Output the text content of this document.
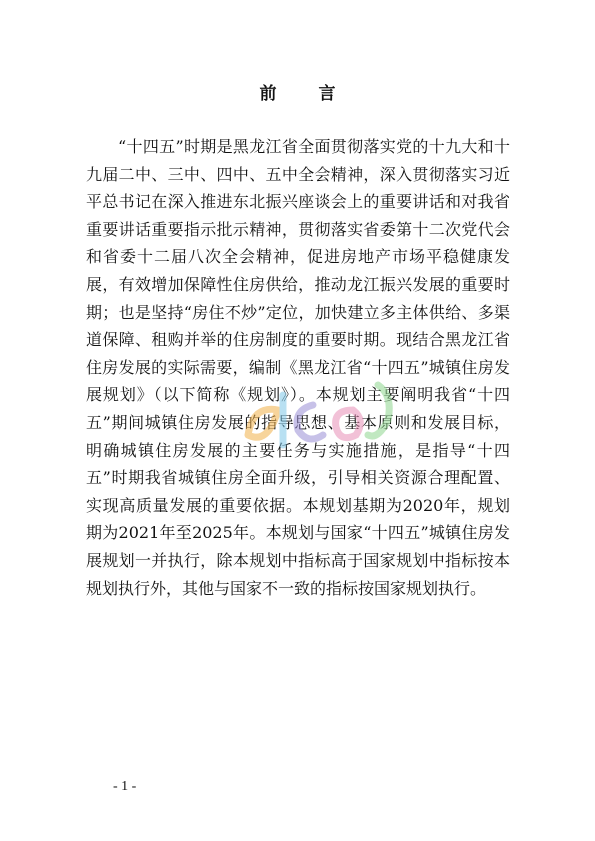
前 言

“十四五”时期是黑龙江省全面贯彻落实党的十九大和十九届二中、三中、四中、五中全会精神，深入贯彻落实习近平总书记在深入推进东北振兴座谈会上的重要讲话和对我省重要讲话重要指示批示精神，贯彻落实省委第十二次党代会和省委十二届八次全会精神，促进房地产市场平稳健康发展，有效增加保障性住房供给，推动龙江振兴发展的重要时期；也是坚持“房住不炒”定位，加快建立多主体供给、多渠道保障、租购并举的住房制度的重要时期。现结合黑龙江省住房发展的实际需要，编制《黑龙江省“十四五”城镇住房发展规划》（以下简称《规划》）。本规划主要阐明我省“十四五”期间城镇住房发展的指导思想、基本原则和发展目标，明确城镇住房发展的主要任务与实施措施，是指导“十四五”时期我省城镇住房全面升级，引导相关资源合理配置、实现高质量发展的重要依据。本规划基期为2020年，规划期为2021年至2025年。本规划与国家“十四五”城镇住房发展规划一并执行，除本规划中指标高于国家规划中指标按本规划执行外，其他与国家不一致的指标按国家规划执行。

- 1 -
